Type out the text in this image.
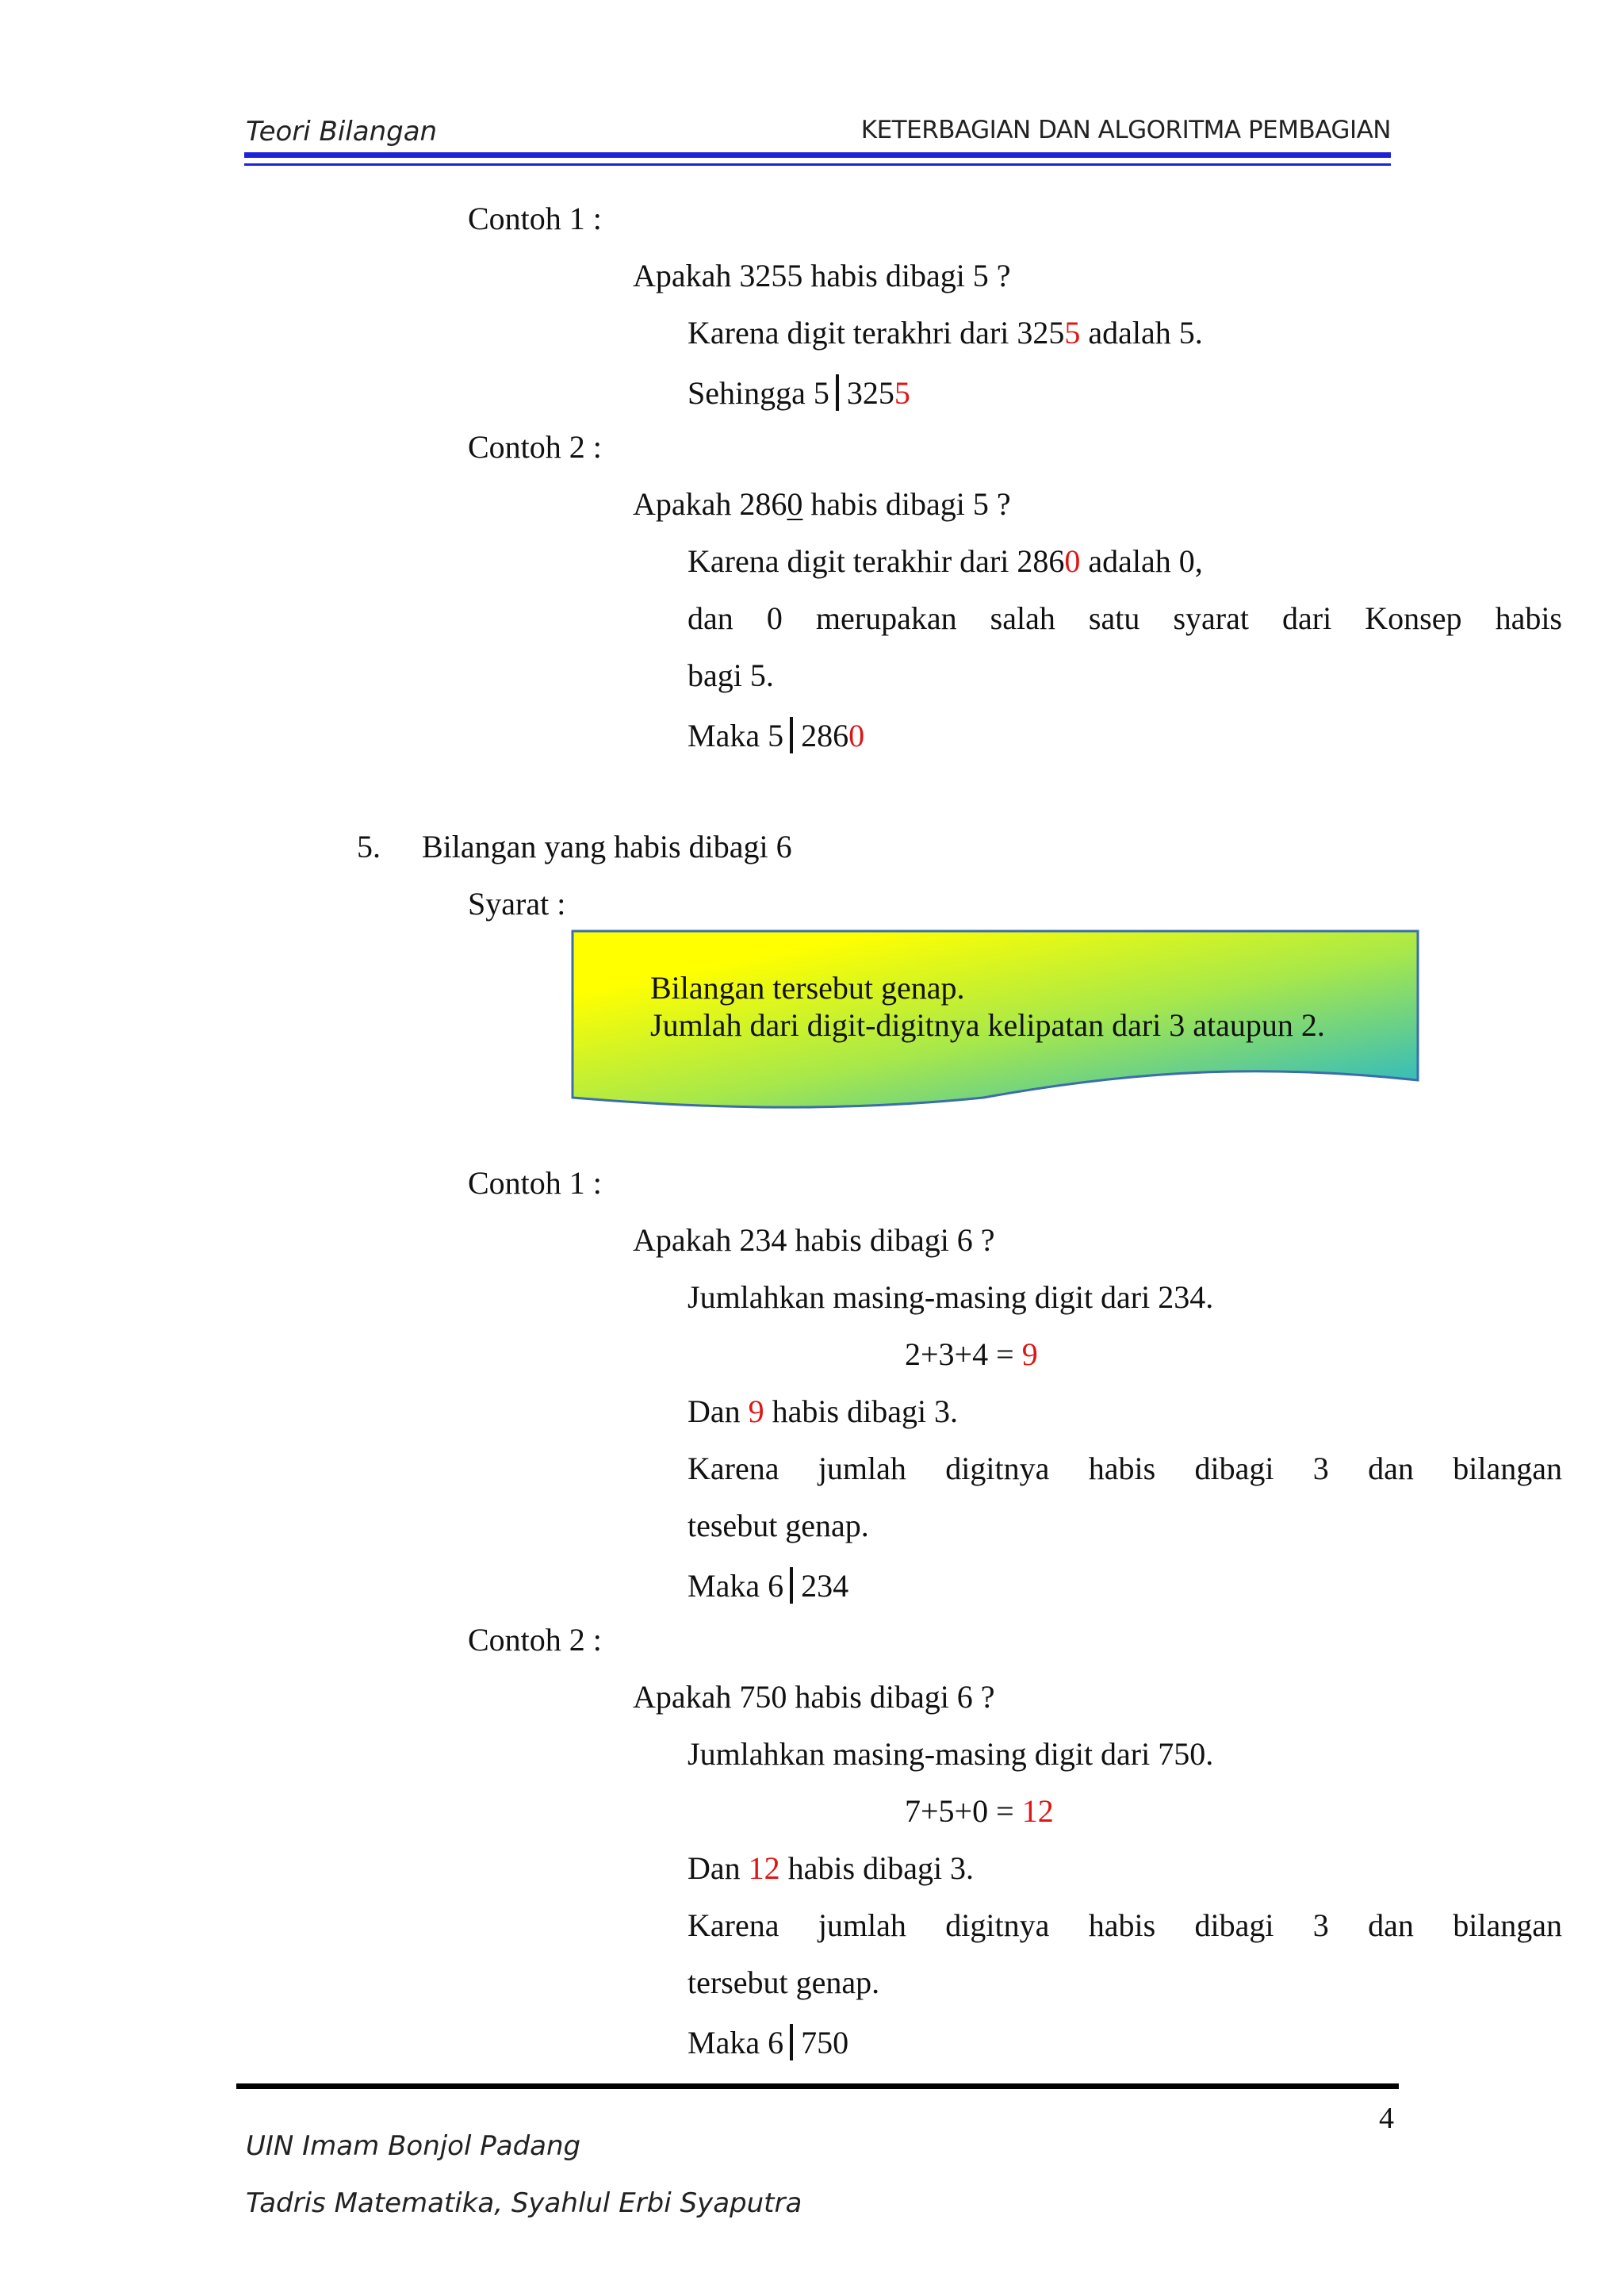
Teori Bilangan	KETERBAGIAN DAN ALGORITMA PEMBAGIAN
Contoh 1 :
Apakah 3255 habis dibagi 5 ?
Karena digit terakhri dari 3255 adalah 5.
Sehingga 5 3255
Contoh 2 :
Apakah 2860 habis dibagi 5 ?
Karena digit terakhir dari 2860 adalah 0,
dan 0 merupakan salah satu syarat dari Konsep habis
bagi 5.
Maka 5 2860
5. Bilangan yang habis dibagi 6
Syarat :
Bilangan tersebut genap.
Jumlah dari digit-digitnya kelipatan dari 3 ataupun 2.
Contoh 1 :
Apakah 234 habis dibagi 6 ?
Jumlahkan masing-masing digit dari 234.
2+3+4 = 9
Dan 9 habis dibagi 3.
Karena jumlah digitnya habis dibagi 3 dan bilangan
tesebut genap.
Maka 6 234
Contoh 2 :
Apakah 750 habis dibagi 6 ?
Jumlahkan masing-masing digit dari 750.
7+5+0 = 12
Dan 12 habis dibagi 3.
Karena jumlah digitnya habis dibagi 3 dan bilangan
tersebut genap.
Maka 6 750
4
UIN Imam Bonjol Padang
Tadris Matematika, Syahlul Erbi Syaputra
